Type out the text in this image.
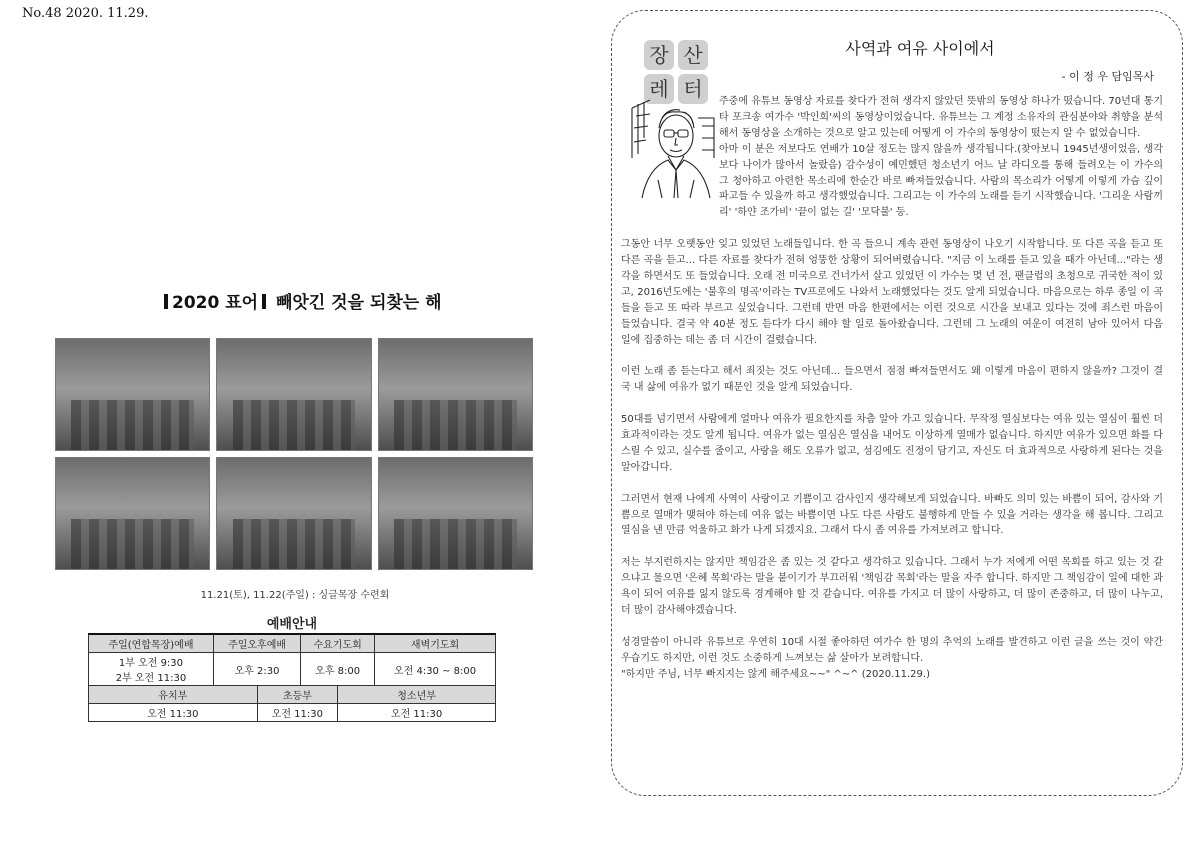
No.48 2020. 11.29.
2020 표어 빼앗긴 것을 되찾는 해
11.21(토), 11.22(주일) : 싱글목장 수련회
예배안내					
주일(연합목장)예배	주일오후예배		수요기도회		새벽기도회
1부 오전 9:30
2부 오전 11:30	오후 2:30		오후 8:00		오전 4:30 ~ 8:00
유치부		초등부		청소년부	
오전 11:30		오전 11:30		오전 11:30	
장 산
레 터
사역과 여유 사이에서
- 이 정 우 담임목사

주중에 유튜브 동영상 자료를 찾다가 전혀 생각지 않았던 뜻밖의 동영상 하나가 떴습니다. 70년대 통기타 포크송 여가수 '박인희'씨의 동영상이었습니다. 유튜브는 그 계정 소유자의 관심분야와 취향을 분석해서 동영상을 소개하는 것으로 알고 있는데 어떻게 이 가수의 동영상이 떴는지 알 수 없었습니다.

아마 이 분은 저보다도 연배가 10살 정도는 많지 않을까 생각됩니다.(찾아보니 1945년생이었음, 생각보다 나이가 많아서 놀랐음) 감수성이 예민했던 청소년기 어느 날 라디오를 통해 들려오는 이 가수의 그 청아하고 아련한 목소리에 한순간 바로 빠져들었습니다. 사람의 목소리가 어떻게 이렇게 가슴 깊이 파고들 수 있을까 하고 생각했었습니다. 그리고는 이 가수의 노래를 듣기 시작했습니다. '그리운 사람끼리' '하얀 조가비' '끝이 없는 길' '모닥불' 등.

그동안 너무 오랫동안 잊고 있었던 노래들입니다. 한 곡 들으니 계속 관련 동영상이 나오기 시작합니다. 또 다른 곡을 듣고 또 다른 곡을 듣고... 다른 자료를 찾다가 전혀 엉뚱한 상황이 되어버렸습니다. "지금 이 노래를 듣고 있을 때가 아닌데..."라는 생각을 하면서도 또 들었습니다. 오래 전 미국으로 건너가서 살고 있었던 이 가수는 몇 년 전, 팬클럽의 초청으로 귀국한 적이 있고, 2016년도에는 '불후의 명곡'이라는 TV프로에도 나와서 노래했었다는 것도 알게 되었습니다. 마음으로는 하루 종일 이 곡들을 듣고 또 따라 부르고 싶었습니다. 그런데 반면 마음 한편에서는 이런 것으로 시간을 보내고 있다는 것에 죄스런 마음이 들었습니다. 결국 약 40분 정도 듣다가 다시 해야 할 일로 돌아왔습니다. 그런데 그 노래의 여운이 여전히 남아 있어서 다음 일에 집중하는 데는 좀 더 시간이 걸렸습니다.

이런 노래 좀 듣는다고 해서 죄짓는 것도 아닌데... 들으면서 점점 빠져들면서도 왜 이렇게 마음이 편하지 않을까? 그것이 결국 내 삶에 여유가 없기 때문인 것을 알게 되었습니다.

50대를 넘기면서 사람에게 얼마나 여유가 필요한지를 차츰 알아 가고 있습니다. 무작정 열심보다는 여유 있는 열심이 훨씬 더 효과적이라는 것도 알게 됩니다. 여유가 없는 열심은 열심을 내어도 이상하게 열매가 없습니다. 하지만 여유가 있으면 화를 다스릴 수 있고, 실수를 줄이고, 사랑을 해도 오류가 없고, 섬김에도 진정이 담기고, 자신도 더 효과적으로 사랑하게 된다는 것을 알아갑니다.

그러면서 현재 나에게 사역이 사랑이고 기쁨이고 감사인지 생각해보게 되었습니다. 바빠도 의미 있는 바쁨이 되어, 감사와 기쁨으로 열매가 맺혀야 하는데 여유 없는 바쁨이면 나도 다른 사람도 불행하게 만들 수 있을 거라는 생각을 해 봅니다. 그리고 열심을 낸 만큼 억울하고 화가 나게 되겠지요. 그래서 다시 좀 여유를 가져보려고 합니다.

저는 부지런하지는 않지만 책임감은 좀 있는 것 같다고 생각하고 있습니다. 그래서 누가 저에게 어떤 목회를 하고 있는 것 같으냐고 물으면 '은혜 목회'라는 말을 붙이기가 부끄러워 '책임감 목회'라는 말을 자주 합니다. 하지만 그 책임감이 일에 대한 과욕이 되어 여유를 잃지 않도록 경계해야 할 것 같습니다. 여유를 가지고 더 많이 사랑하고, 더 많이 존중하고, 더 많이 나누고, 더 많이 감사해야겠습니다.

성경말씀이 아니라 유튜브로 우연히 10대 시절 좋아하던 여가수 한 명의 추억의 노래를 발견하고 이런 글을 쓰는 것이 약간 우습기도 하지만, 이런 것도 소중하게 느껴보는 삶 살아가 보려합니다.

"하지만 주님, 너무 빠지지는 않게 해주세요~~" ^~^ (2020.11.29.)
